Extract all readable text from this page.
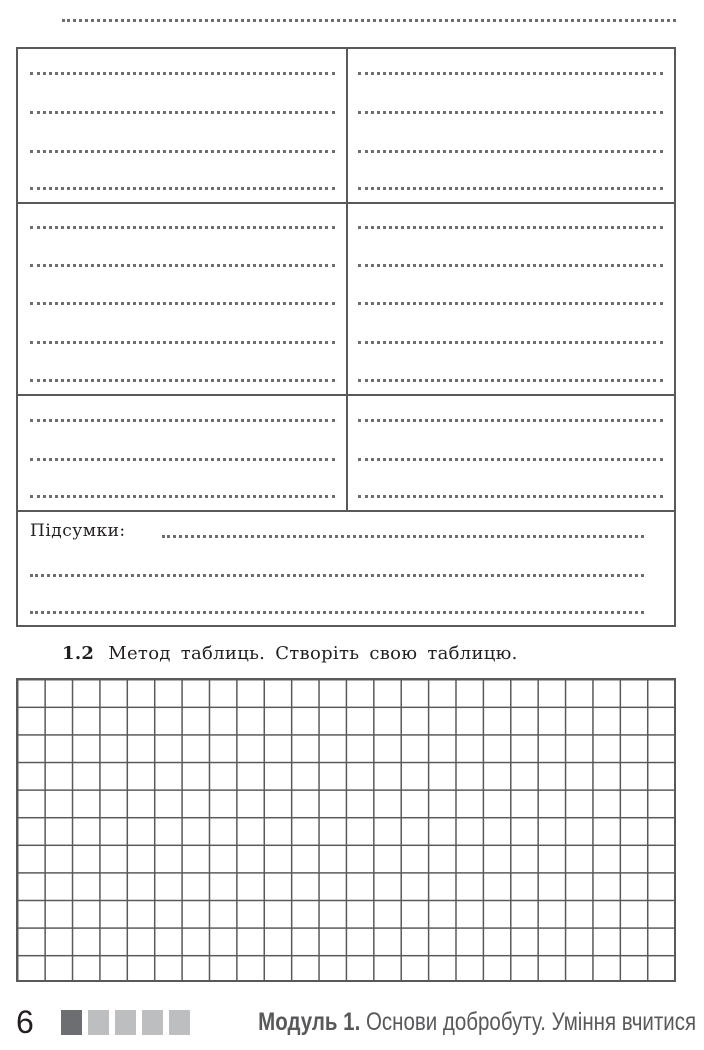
Підсумки:
1.2 Метод таблиць. Створіть свою таблицю.
6	Модуль 1. Основи добробуту. Уміння вчитися
